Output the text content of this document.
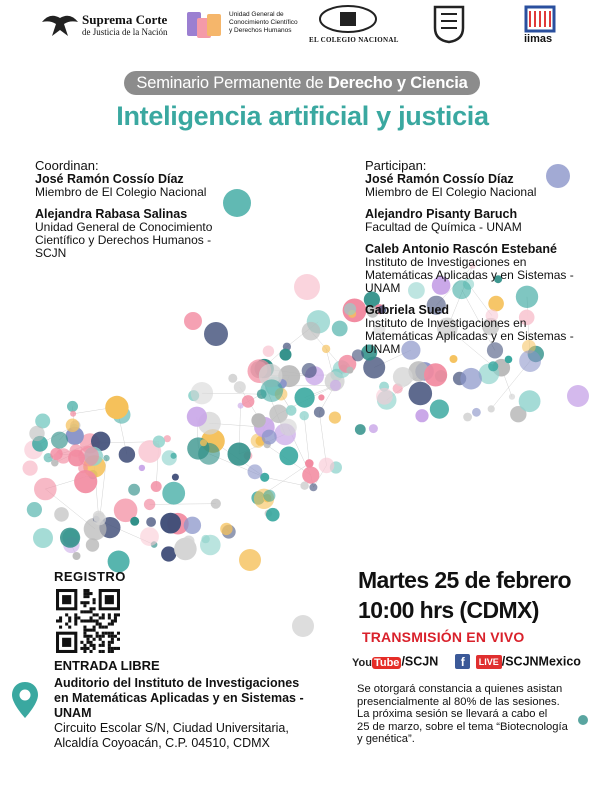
Suprema Corte
de Justicia de la Nación
Unidad General de
Conocimiento Científico
y Derechos Humanos
EL COLEGIO NACIONAL	iimas
Seminario Permanente de Derecho y Ciencia
Inteligencia artificial y justicia
Coordinan:
José Ramón Cossío Díaz
Miembro de El Colegio Nacional
Alejandra Rabasa Salinas
Unidad General de Conocimiento
Científico y Derechos Humanos -
SCJN
Participan:
José Ramón Cossío Díaz
Miembro de El Colegio Nacional
Alejandro Pisanty Baruch
Facultad de Química - UNAM
Caleb Antonio Rascón Estebané
Instituto de Investigaciones en
Matemáticas Aplicadas y en Sistemas -
UNAM
Gabriela Sued
Instituto de Investigaciones en
Matemáticas Aplicadas y en Sistemas -
UNAM
REGISTRO
ENTRADA LIBRE
Auditorio del Instituto de Investigaciones
en Matemáticas Aplicadas y en Sistemas -
UNAM
Circuito Escolar S/N, Ciudad Universitaria,
Alcaldía Coyoacán, C.P. 04510, CDMX
Martes 25 de febrero
10:00 hrs (CDMX)
TRANSMISIÓN EN VIVO
You Tube /SCJN f LIVE /SCJNMexico
Se otorgará constancia a quienes asistan
presencialmente al 80% de las sesiones.
La próxima sesión se llevará a cabo el
25 de marzo, sobre el tema “Biotecnología
y genética”.
